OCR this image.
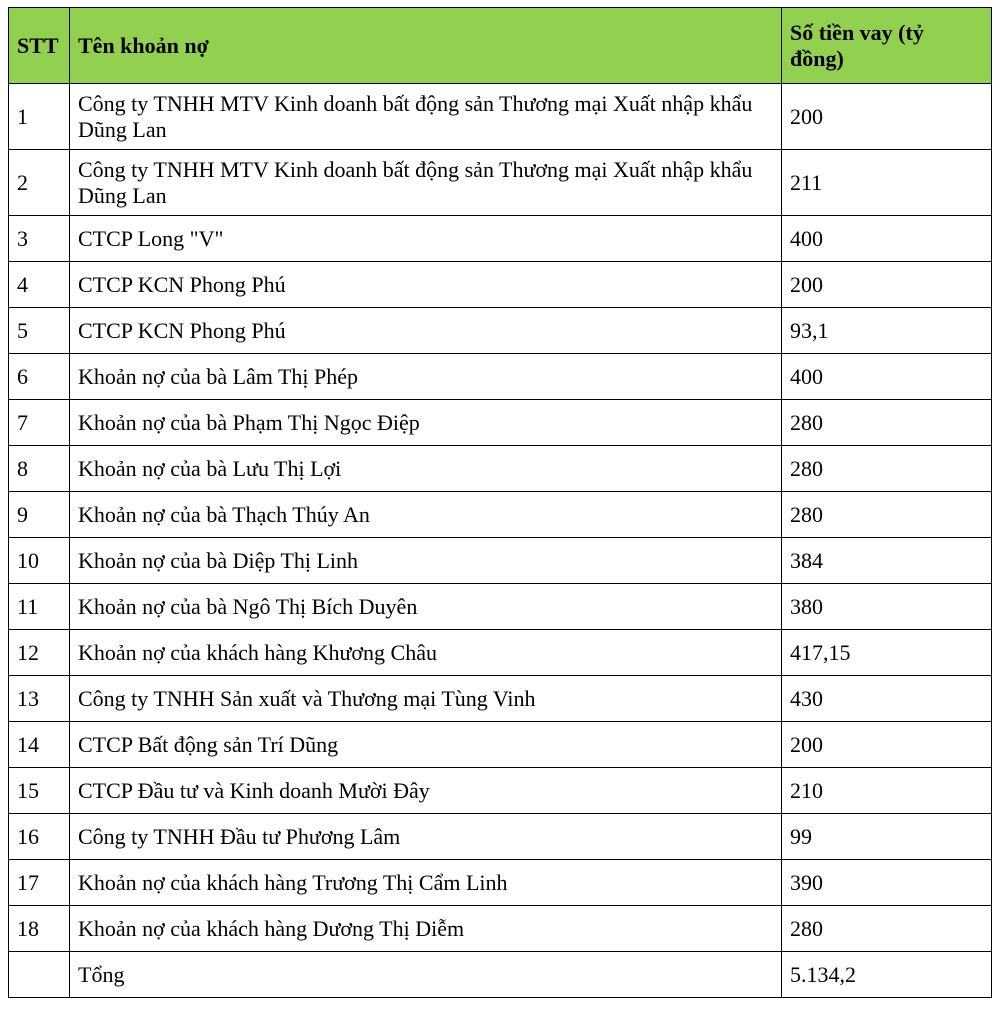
STT	Tên khoản nợ	Số tiền vay (tỷ đồng)
1	Công ty TNHH MTV Kinh doanh bất động sản Thương mại Xuất nhập khẩu Dũng Lan	200
2	Công ty TNHH MTV Kinh doanh bất động sản Thương mại Xuất nhập khẩu Dũng Lan	211
3	CTCP Long "V"	400
4	CTCP KCN Phong Phú	200
5	CTCP KCN Phong Phú	93,1
6	Khoản nợ của bà Lâm Thị Phép	400
7	Khoản nợ của bà Phạm Thị Ngọc Điệp	280
8	Khoản nợ của bà Lưu Thị Lợi	280
9	Khoản nợ của bà Thạch Thúy An	280
10	Khoản nợ của bà Diệp Thị Linh	384
11	Khoản nợ của bà Ngô Thị Bích Duyên	380
12	Khoản nợ của khách hàng Khương Châu	417,15
13	Công ty TNHH Sản xuất và Thương mại Tùng Vinh	430
14	CTCP Bất động sản Trí Dũng	200
15	CTCP Đầu tư và Kinh doanh Mười Đây	210
16	Công ty TNHH Đầu tư Phương Lâm	99
17	Khoản nợ của khách hàng Trương Thị Cẩm Linh	390
18	Khoản nợ của khách hàng Dương Thị Diễm	280
	Tổng	5.134,2
